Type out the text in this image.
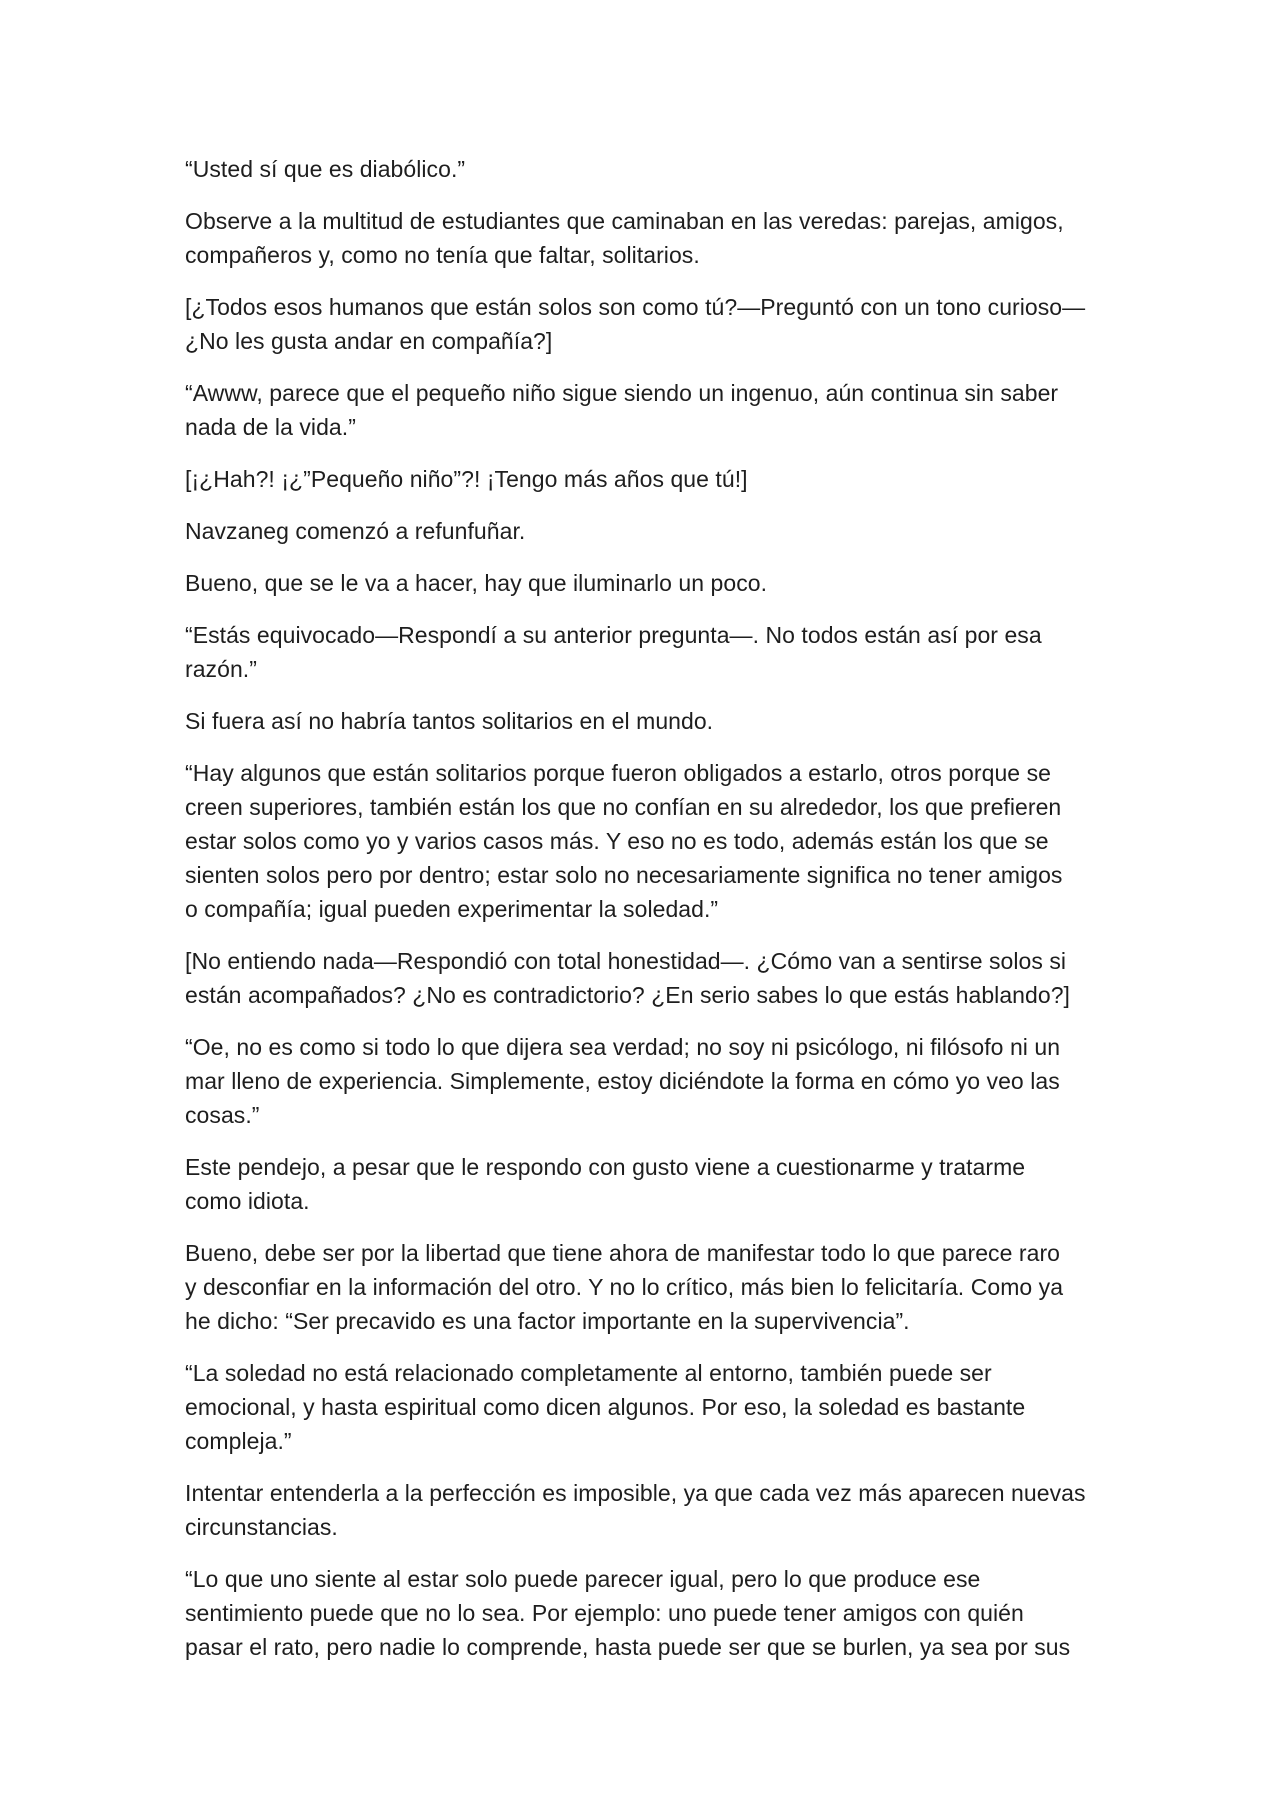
“Usted sí que es diabólico.”

Observe a la multitud de estudiantes que caminaban en las veredas: parejas, amigos,
compañeros y, como no tenía que faltar, solitarios.

[¿Todos esos humanos que están solos son como tú?—Preguntó con un tono curioso—
¿No les gusta andar en compañía?]

“Awww, parece que el pequeño niño sigue siendo un ingenuo, aún continua sin saber
nada de la vida.”

[¡¿Hah?! ¡¿”Pequeño niño”?! ¡Tengo más años que tú!]

Navzaneg comenzó a refunfuñar.

Bueno, que se le va a hacer, hay que iluminarlo un poco.

“Estás equivocado—Respondí a su anterior pregunta—. No todos están así por esa
razón.”

Si fuera así no habría tantos solitarios en el mundo.

“Hay algunos que están solitarios porque fueron obligados a estarlo, otros porque se
creen superiores, también están los que no confían en su alrededor, los que prefieren
estar solos como yo y varios casos más. Y eso no es todo, además están los que se
sienten solos pero por dentro; estar solo no necesariamente significa no tener amigos
o compañía; igual pueden experimentar la soledad.”

[No entiendo nada—Respondió con total honestidad—. ¿Cómo van a sentirse solos si
están acompañados? ¿No es contradictorio? ¿En serio sabes lo que estás hablando?]

“Oe, no es como si todo lo que dijera sea verdad; no soy ni psicólogo, ni filósofo ni un
mar lleno de experiencia. Simplemente, estoy diciéndote la forma en cómo yo veo las
cosas.”

Este pendejo, a pesar que le respondo con gusto viene a cuestionarme y tratarme
como idiota.

Bueno, debe ser por la libertad que tiene ahora de manifestar todo lo que parece raro
y desconfiar en la información del otro. Y no lo crítico, más bien lo felicitaría. Como ya
he dicho: “Ser precavido es una factor importante en la supervivencia”.

“La soledad no está relacionado completamente al entorno, también puede ser
emocional, y hasta espiritual como dicen algunos. Por eso, la soledad es bastante
compleja.”

Intentar entenderla a la perfección es imposible, ya que cada vez más aparecen nuevas
circunstancias.

“Lo que uno siente al estar solo puede parecer igual, pero lo que produce ese
sentimiento puede que no lo sea. Por ejemplo: uno puede tener amigos con quién
pasar el rato, pero nadie lo comprende, hasta puede ser que se burlen, ya sea por sus
